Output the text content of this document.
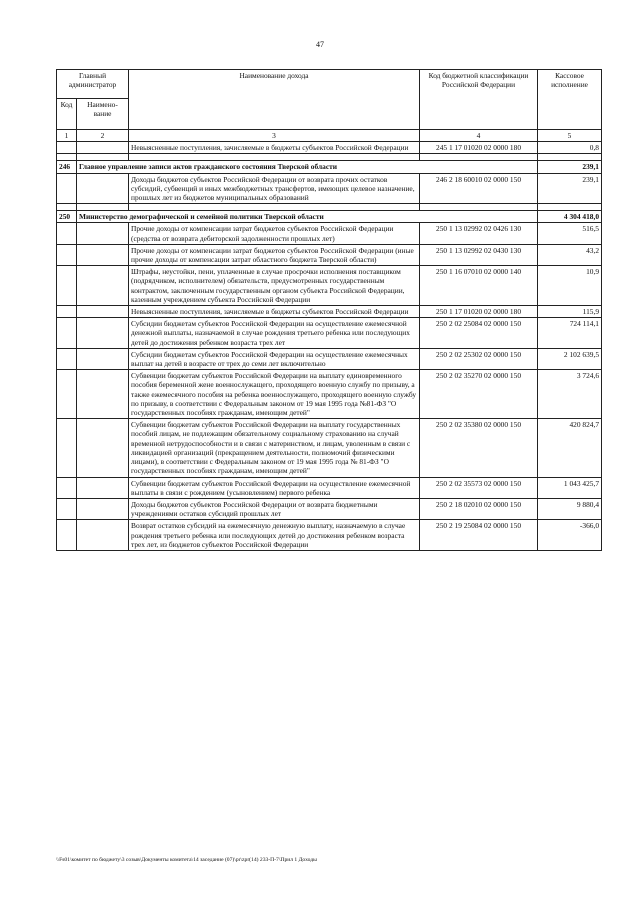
47
Главный администратор		Наименование дохода	Код бюджетной классификации Российской Федерации	Кассовое исполнение
Код	Наимено-вание			
1	2	3	4	5
		Невыясненные поступления, зачисляемые в бюджеты субъектов Российской Федерации	245 1 17 01020 02 0000 180	0,8

246	Главное управление записи актов гражданского состояния Тверской области			239,1
		Доходы бюджетов субъектов Российской Федерации от возврата прочих остатков субсидий, субвенций и иных межбюджетных трансфертов, имеющих целевое назначение, прошлых лет из бюджетов муниципальных образований	246 2 18 60010 02 0000 150	239,1

250	Министерство демографической и семейной политики Тверской области			4 304 418,0
		Прочие доходы от компенсации затрат бюджетов субъектов Российской Федерации (средства от возврата дебиторской задолженности прошлых лет)	250 1 13 02992 02 0426 130	516,5
		Прочие доходы от компенсации затрат бюджетов субъектов Российской Федерации (иные прочие доходы от компенсации затрат областного бюджета Тверской области)	250 1 13 02992 02 0430 130	43,2
		Штрафы, неустойки, пени, уплаченные в случае просрочки исполнения поставщиком (подрядчиком, исполнителем) обязательств, предусмотренных государственным контрактом, заключенным государственным органом субъекта Российской Федерации, казенным учреждением субъекта Российской Федерации	250 1 16 07010 02 0000 140	10,9
		Невыясненные поступления, зачисляемые в бюджеты субъектов Российской Федерации	250 1 17 01020 02 0000 180	115,9
		Субсидии бюджетам субъектов Российской Федерации на осуществление ежемесячной денежной выплаты, назначаемой в случае рождения третьего ребенка или последующих детей до достижения ребенком возраста трех лет	250 2 02 25084 02 0000 150	724 114,1
		Субсидии бюджетам субъектов Российской Федерации на осуществление ежемесячных выплат на детей в возрасте от трех до семи лет включительно	250 2 02 25302 02 0000 150	2 102 639,5
		Субвенции бюджетам субъектов Российской Федерации на выплату единовременного пособия беременной жене военнослужащего, проходящего военную службу по призыву, а также ежемесячного пособия на ребенка военнослужащего, проходящего военную службу по призыву, в соответствии с Федеральным законом от 19 мая 1995 года №81-ФЗ "О государственных пособиях гражданам, имеющим детей"	250 2 02 35270 02 0000 150	3 724,6
		Субвенции бюджетам субъектов Российской Федерации на выплату государственных пособий лицам, не подлежащим обязательному социальному страхованию на случай временной нетрудоспособности и в связи с материнством, и лицам, уволенным в связи с ликвидацией организаций (прекращением деятельности, полномочий физическими лицами), в соответствии с Федеральным законом от 19 мая 1995 года № 81-ФЗ "О государственных пособиях гражданам, имеющим детей"	250 2 02 35380 02 0000 150	420 824,7
		Субвенции бюджетам субъектов Российской Федерации на осуществление ежемесячной выплаты в связи с рождением (усыновлением) первого ребенка	250 2 02 35573 02 0000 150	1 043 425,7
		Доходы бюджетов субъектов Российской Федерации от возврата бюджетными учреждениями остатков субсидий прошлых лет	250 2 18 02010 02 0000 150	9 880,4
		Возврат остатков субсидий на ежемесячную денежную выплату, назначаемую в случае рождения третьего ребенка или последующих детей до достижения ребенком возраста трех лет, из бюджетов субъектов Российской Федерации	250 2 19 25084 02 0000 150	-366,0
\\Fs01\комитет по бюджету\3 созыв\Документы комитета\14 заседание (07)\pr\zpr(14) 233-П-7\Прил 1 Доходы
